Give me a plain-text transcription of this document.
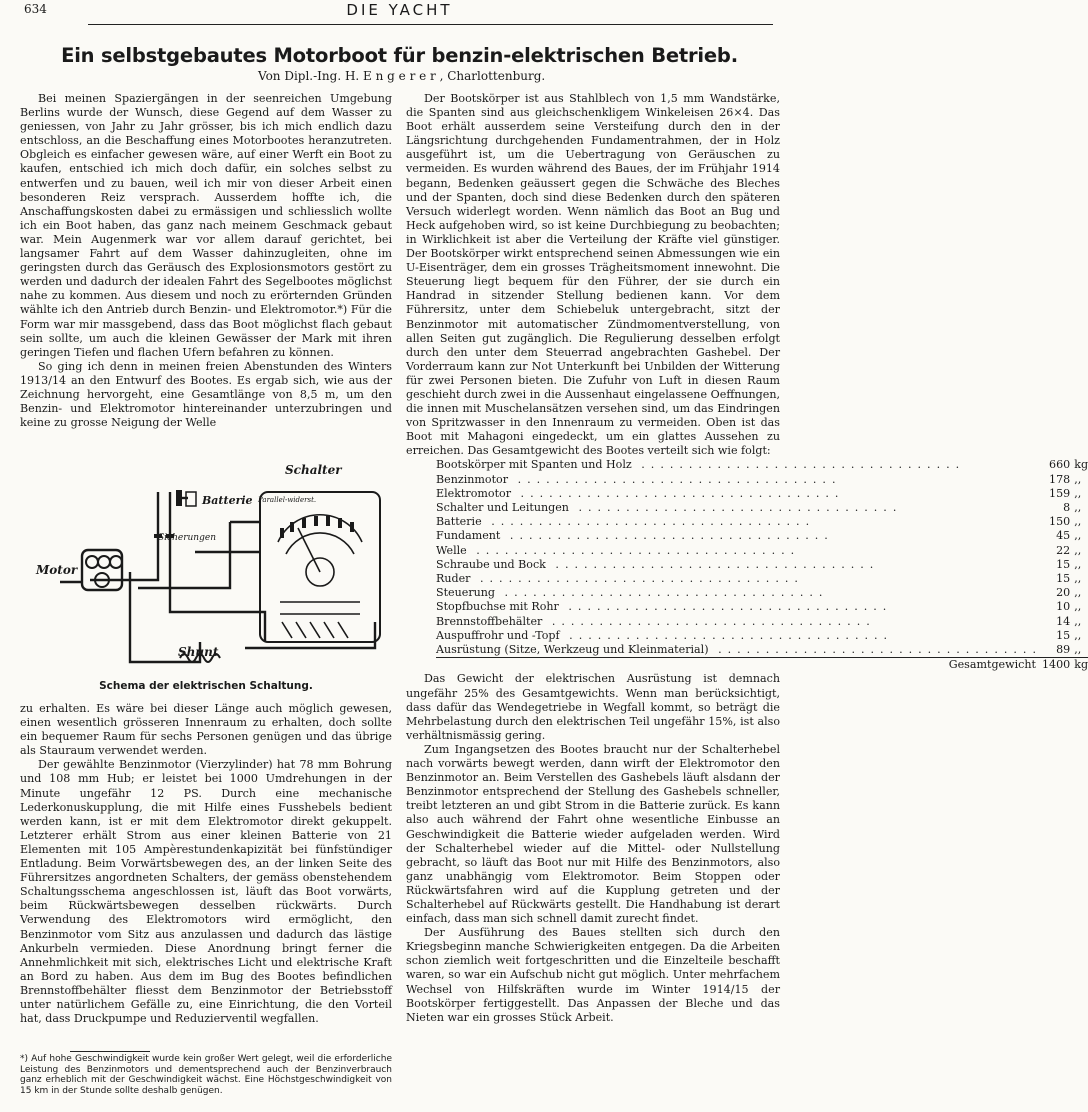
634	DIE YACHT
Ein selbstgebautes Motorboot für benzin-elektrischen Betrieb.
Von Dipl.-Ing. H. E n g e r e r , Charlottenburg.

Bei meinen Spaziergängen in der seenreichen Umgebung Berlins wurde der Wunsch, diese Gegend auf dem Wasser zu geniessen, von Jahr zu Jahr grösser, bis ich mich endlich dazu entschloss, an die Beschaffung eines Motorbootes heranzutreten. Obgleich es einfacher gewesen wäre, auf einer Werft ein Boot zu kaufen, entschied ich mich doch dafür, ein solches selbst zu entwerfen und zu bauen, weil ich mir von dieser Arbeit einen besonderen Reiz versprach. Ausserdem hoffte ich, die Anschaffungskosten dabei zu ermässigen und schliesslich wollte ich ein Boot haben, das ganz nach meinem Geschmack gebaut war. Mein Augenmerk war vor allem darauf gerichtet, bei langsamer Fahrt auf dem Wasser dahinzugleiten, ohne im geringsten durch das Geräusch des Explosionsmotors gestört zu werden und dadurch der idealen Fahrt des Segelbootes möglichst nahe zu kommen. Aus diesem und noch zu erörternden Gründen wählte ich den Antrieb durch Benzin- und Elektromotor.*) Für die Form war mir massgebend, dass das Boot möglichst flach gebaut sein sollte, um auch die kleinen Gewässer der Mark mit ihren geringen Tiefen und flachen Ufern befahren zu können.

So ging ich denn in meinen freien Abenstunden des Winters 1913/14 an den Entwurf des Bootes. Es ergab sich, wie aus der Zeichnung hervorgeht, eine Gesamtlänge von 8,5 m, um den Benzin- und Elektromotor hintereinander unterzubringen und keine zu grosse Neigung der Welle

Schalter
Batterie Parallel-widerst.
Sicherungen
Motor
Shunt
Schema der elektrischen Schaltung.

zu erhalten. Es wäre bei dieser Länge auch möglich gewesen, einen wesentlich grösseren Innenraum zu erhalten, doch sollte ein bequemer Raum für sechs Personen genügen und das übrige als Stauraum verwendet werden.

Der gewählte Benzinmotor (Vierzylinder) hat 78 mm Bohrung und 108 mm Hub; er leistet bei 1000 Umdrehungen in der Minute ungefähr 12 PS. Durch eine mechanische Lederkonuskupplung, die mit Hilfe eines Fusshebels bedient werden kann, ist er mit dem Elektromotor direkt gekuppelt. Letzterer erhält Strom aus einer kleinen Batterie von 21 Elementen mit 105 Ampèrestundenkapizität bei fünfstündiger Entladung. Beim Vorwärtsbewegen des, an der linken Seite des Führersitzes angordneten Schalters, der gemäss obenstehendem Schaltungsschema angeschlossen ist, läuft das Boot vorwärts, beim Rückwärtsbewegen desselben rückwärts. Durch Verwendung des Elektromotors wird ermöglicht, den Benzinmotor vom Sitz aus anzulassen und dadurch das lästige Ankurbeln vermieden. Diese Anordnung bringt ferner die Annehmlichkeit mit sich, elektrisches Licht und elektrische Kraft an Bord zu haben. Aus dem im Bug des Bootes befindlichen Brennstoffbehälter fliesst dem Benzinmotor der Betriebsstoff unter natürlichem Gefälle zu, eine Einrichtung, die den Vorteil hat, dass Druckpumpe und Reduzierventil wegfallen.

*) Auf hohe Geschwindigkeit wurde kein großer Wert gelegt, weil die erforderliche Leistung des Benzinmotors und dementsprechend auch der Benzinverbrauch ganz erheblich mit der Geschwindigkeit wächst. Eine Höchstgeschwindigkeit von 15 km in der Stunde sollte deshalb genügen.

Der Bootskörper ist aus Stahlblech von 1,5 mm Wandstärke, die Spanten sind aus gleichschenkligem Winkeleisen 26×4. Das Boot erhält ausserdem seine Versteifung durch den in der Längsrichtung durchgehenden Fundamentrahmen, der in Holz ausgeführt ist, um die Uebertragung von Geräuschen zu vermeiden. Es wurden während des Baues, der im Frühjahr 1914 begann, Bedenken geäussert gegen die Schwäche des Bleches und der Spanten, doch sind diese Bedenken durch den späteren Versuch widerlegt worden. Wenn nämlich das Boot an Bug und Heck aufgehoben wird, so ist keine Durchbiegung zu beobachten; in Wirklichkeit ist aber die Verteilung der Kräfte viel günstiger. Der Bootskörper wirkt entsprechend seinen Abmessungen wie ein U-Eisenträger, dem ein grosses Trägheitsmoment innewohnt. Die Steuerung liegt bequem für den Führer, der sie durch ein Handrad in sitzender Stellung bedienen kann. Vor dem Führersitz, unter dem Schiebeluk untergebracht, sitzt der Benzinmotor mit automatischer Zündmomentverstellung, von allen Seiten gut zugänglich. Die Regulierung desselben erfolgt durch den unter dem Steuerrad angebrachten Gashebel. Der Vorderraum kann zur Not Unterkunft bei Unbilden der Witterung für zwei Personen bieten. Die Zufuhr von Luft in diesen Raum geschieht durch zwei in die Aussenhaut eingelassene Oeffnungen, die innen mit Muschelansätzen versehen sind, um das Eindringen von Spritzwasser in den Innenraum zu vermeiden. Oben ist das Boot mit Mahagoni eingedeckt, um ein glattes Aussehen zu erreichen. Das Gesamtgewicht des Bootes verteilt sich wie folgt:

Bootskörper mit Spanten und Holz ..................................	660	kg
Benzinmotor ..................................	178	,,
Elektromotor ..................................	159	,,
Schalter und Leitungen ..................................	8	,,
Batterie ..................................	150	,,
Fundament ..................................	45	,,
Welle ..................................	22	,,
Schraube und Bock ..................................	15	,,
Ruder ..................................	15	,,
Steuerung ..................................	20	,,
Stopfbuchse mit Rohr ..................................	10	,,
Brennstoffbehälter ..................................	14	,,
Auspuffrohr und -Topf ..................................	15	,,
Ausrüstung (Sitze, Werkzeug und Kleinmaterial) ..................................	89	,,
Gesamtgewicht	1400	kg

Das Gewicht der elektrischen Ausrüstung ist demnach ungefähr 25% des Gesamtgewichts. Wenn man berücksichtigt, dass dafür das Wendegetriebe in Wegfall kommt, so beträgt die Mehrbelastung durch den elektrischen Teil ungefähr 15%, ist also verhältnismässig gering.

Zum Ingangsetzen des Bootes braucht nur der Schalterhebel nach vorwärts bewegt werden, dann wirft der Elektromotor den Benzinmotor an. Beim Verstellen des Gashebels läuft alsdann der Benzinmotor entsprechend der Stellung des Gashebels schneller, treibt letzteren an und gibt Strom in die Batterie zurück. Es kann also auch während der Fahrt ohne wesentliche Einbusse an Geschwindigkeit die Batterie wieder aufgeladen werden. Wird der Schalterhebel wieder auf die Mittel- oder Nullstellung gebracht, so läuft das Boot nur mit Hilfe des Benzinmotors, also ganz unabhängig vom Elektromotor. Beim Stoppen oder Rückwärtsfahren wird auf die Kupplung getreten und der Schalterhebel auf Rückwärts gestellt. Die Handhabung ist derart einfach, dass man sich schnell damit zurecht findet.

Der Ausführung des Baues stellten sich durch den Kriegsbeginn manche Schwierigkeiten entgegen. Da die Arbeiten schon ziemlich weit fortgeschritten und die Einzelteile beschafft waren, so war ein Aufschub nicht gut möglich. Unter mehrfachem Wechsel von Hilfskräften wurde im Winter 1914/15 der Bootskörper fertiggestellt. Das Anpassen der Bleche und das Nieten war ein grosses Stück Arbeit.
